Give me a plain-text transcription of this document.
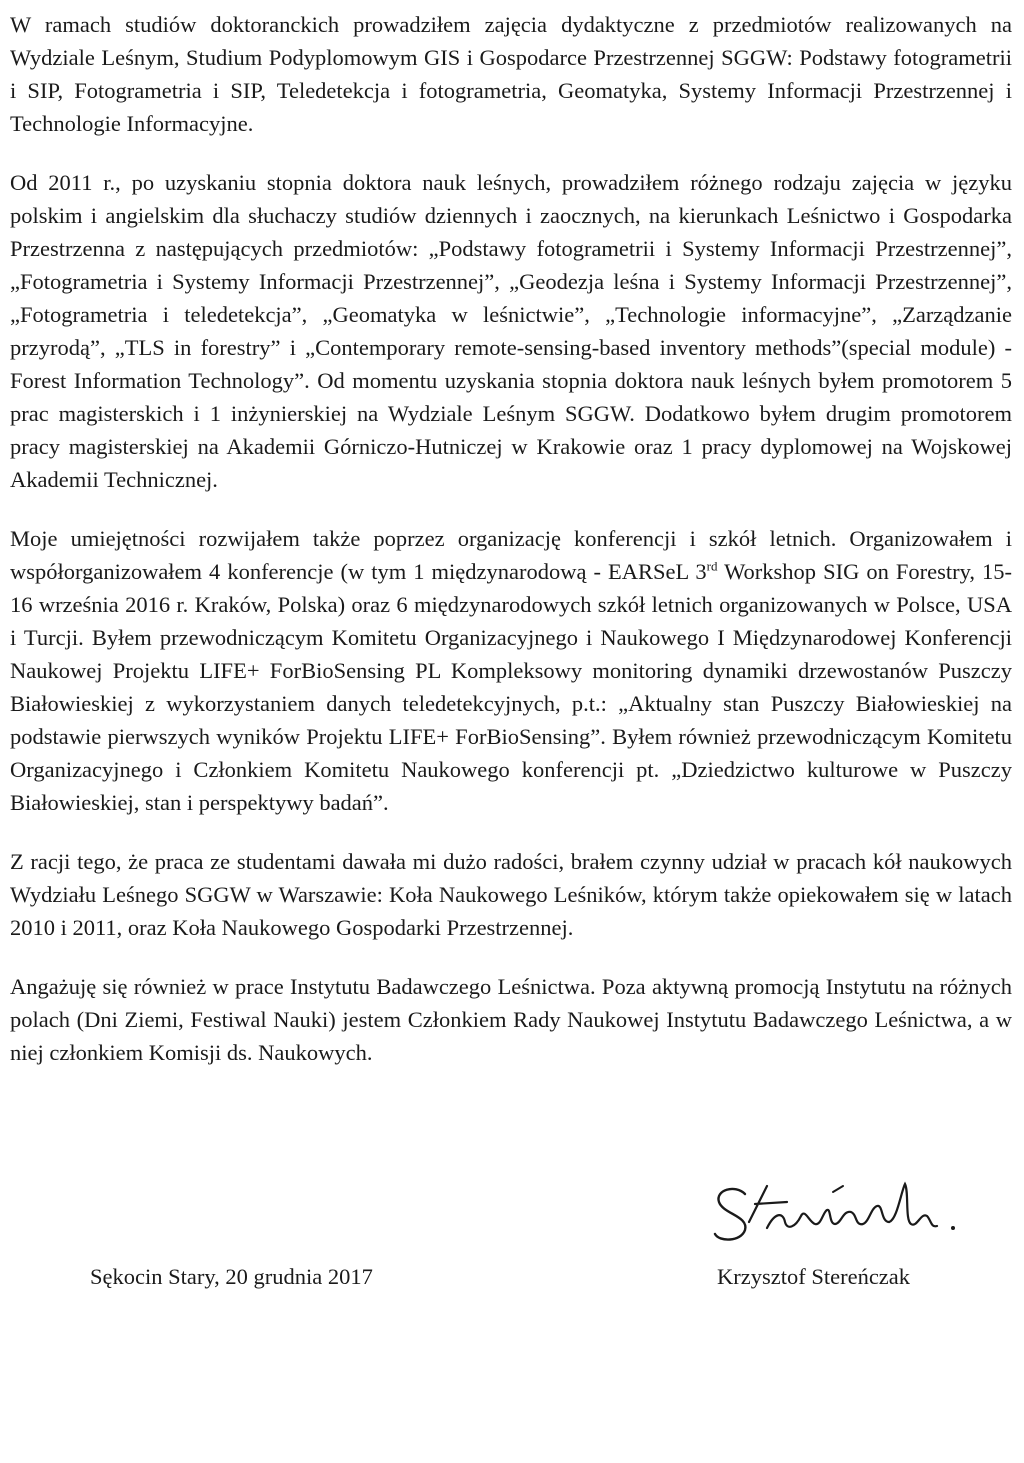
W ramach studiów doktoranckich prowadziłem zajęcia dydaktyczne z przedmiotów realizowanych na Wydziale Leśnym, Studium Podyplomowym GIS i Gospodarce Przestrzennej SGGW: Podstawy fotogrametrii i SIP, Fotogrametria i SIP, Teledetekcja i fotogrametria, Geomatyka, Systemy Informacji Przestrzennej i Technologie Informacyjne.

Od 2011 r., po uzyskaniu stopnia doktora nauk leśnych, prowadziłem różnego rodzaju zajęcia w języku polskim i angielskim dla słuchaczy studiów dziennych i zaocznych, na kierunkach Leśnictwo i Gospodarka Przestrzenna z następujących przedmiotów: „Podstawy fotogrametrii i Systemy Informacji Przestrzennej”, „Fotogrametria i Systemy Informacji Przestrzennej”, „Geodezja leśna i Systemy Informacji Przestrzennej”, „Fotogrametria i teledetekcja”, „Geomatyka w leśnictwie”, „Technologie informacyjne”, „Zarządzanie przyrodą”, „TLS in forestry” i „Contemporary remote-sensing-based inventory methods”(special module) - Forest Information Technology”. Od momentu uzyskania stopnia doktora nauk leśnych byłem promotorem 5 prac magisterskich i 1 inżynierskiej na Wydziale Leśnym SGGW. Dodatkowo byłem drugim promotorem pracy magisterskiej na Akademii Górniczo-Hutniczej w Krakowie oraz 1 pracy dyplomowej na Wojskowej Akademii Technicznej.

Moje umiejętności rozwijałem także poprzez organizację konferencji i szkół letnich. Organizowałem i współorganizowałem 4 konferencje (w tym 1 międzynarodową - EARSeL 3rd Workshop SIG on Forestry, 15-16 września 2016 r. Kraków, Polska) oraz 6 międzynarodowych szkół letnich organizowanych w Polsce, USA i Turcji. Byłem przewodniczącym Komitetu Organizacyjnego i Naukowego I Międzynarodowej Konferencji Naukowej Projektu LIFE+ ForBioSensing PL Kompleksowy monitoring dynamiki drzewostanów Puszczy Białowieskiej z wykorzystaniem danych teledetekcyjnych, p.t.: „Aktualny stan Puszczy Białowieskiej na podstawie pierwszych wyników Projektu LIFE+ ForBioSensing”. Byłem również przewodniczącym Komitetu Organizacyjnego i Członkiem Komitetu Naukowego konferencji pt. „Dziedzictwo kulturowe w Puszczy Białowieskiej, stan i perspektywy badań”.

Z racji tego, że praca ze studentami dawała mi dużo radości, brałem czynny udział w pracach kół naukowych Wydziału Leśnego SGGW w Warszawie: Koła Naukowego Leśników, którym także opiekowałem się w latach 2010 i 2011, oraz Koła Naukowego Gospodarki Przestrzennej.

Angażuję się również w prace Instytutu Badawczego Leśnictwa. Poza aktywną promocją Instytutu na różnych polach (Dni Ziemi, Festiwal Nauki) jestem Członkiem Rady Naukowej Instytutu Badawczego Leśnictwa, a w niej członkiem Komisji ds. Naukowych.

Sękocin Stary, 20 grudnia 2017	Krzysztof Stereńczak
